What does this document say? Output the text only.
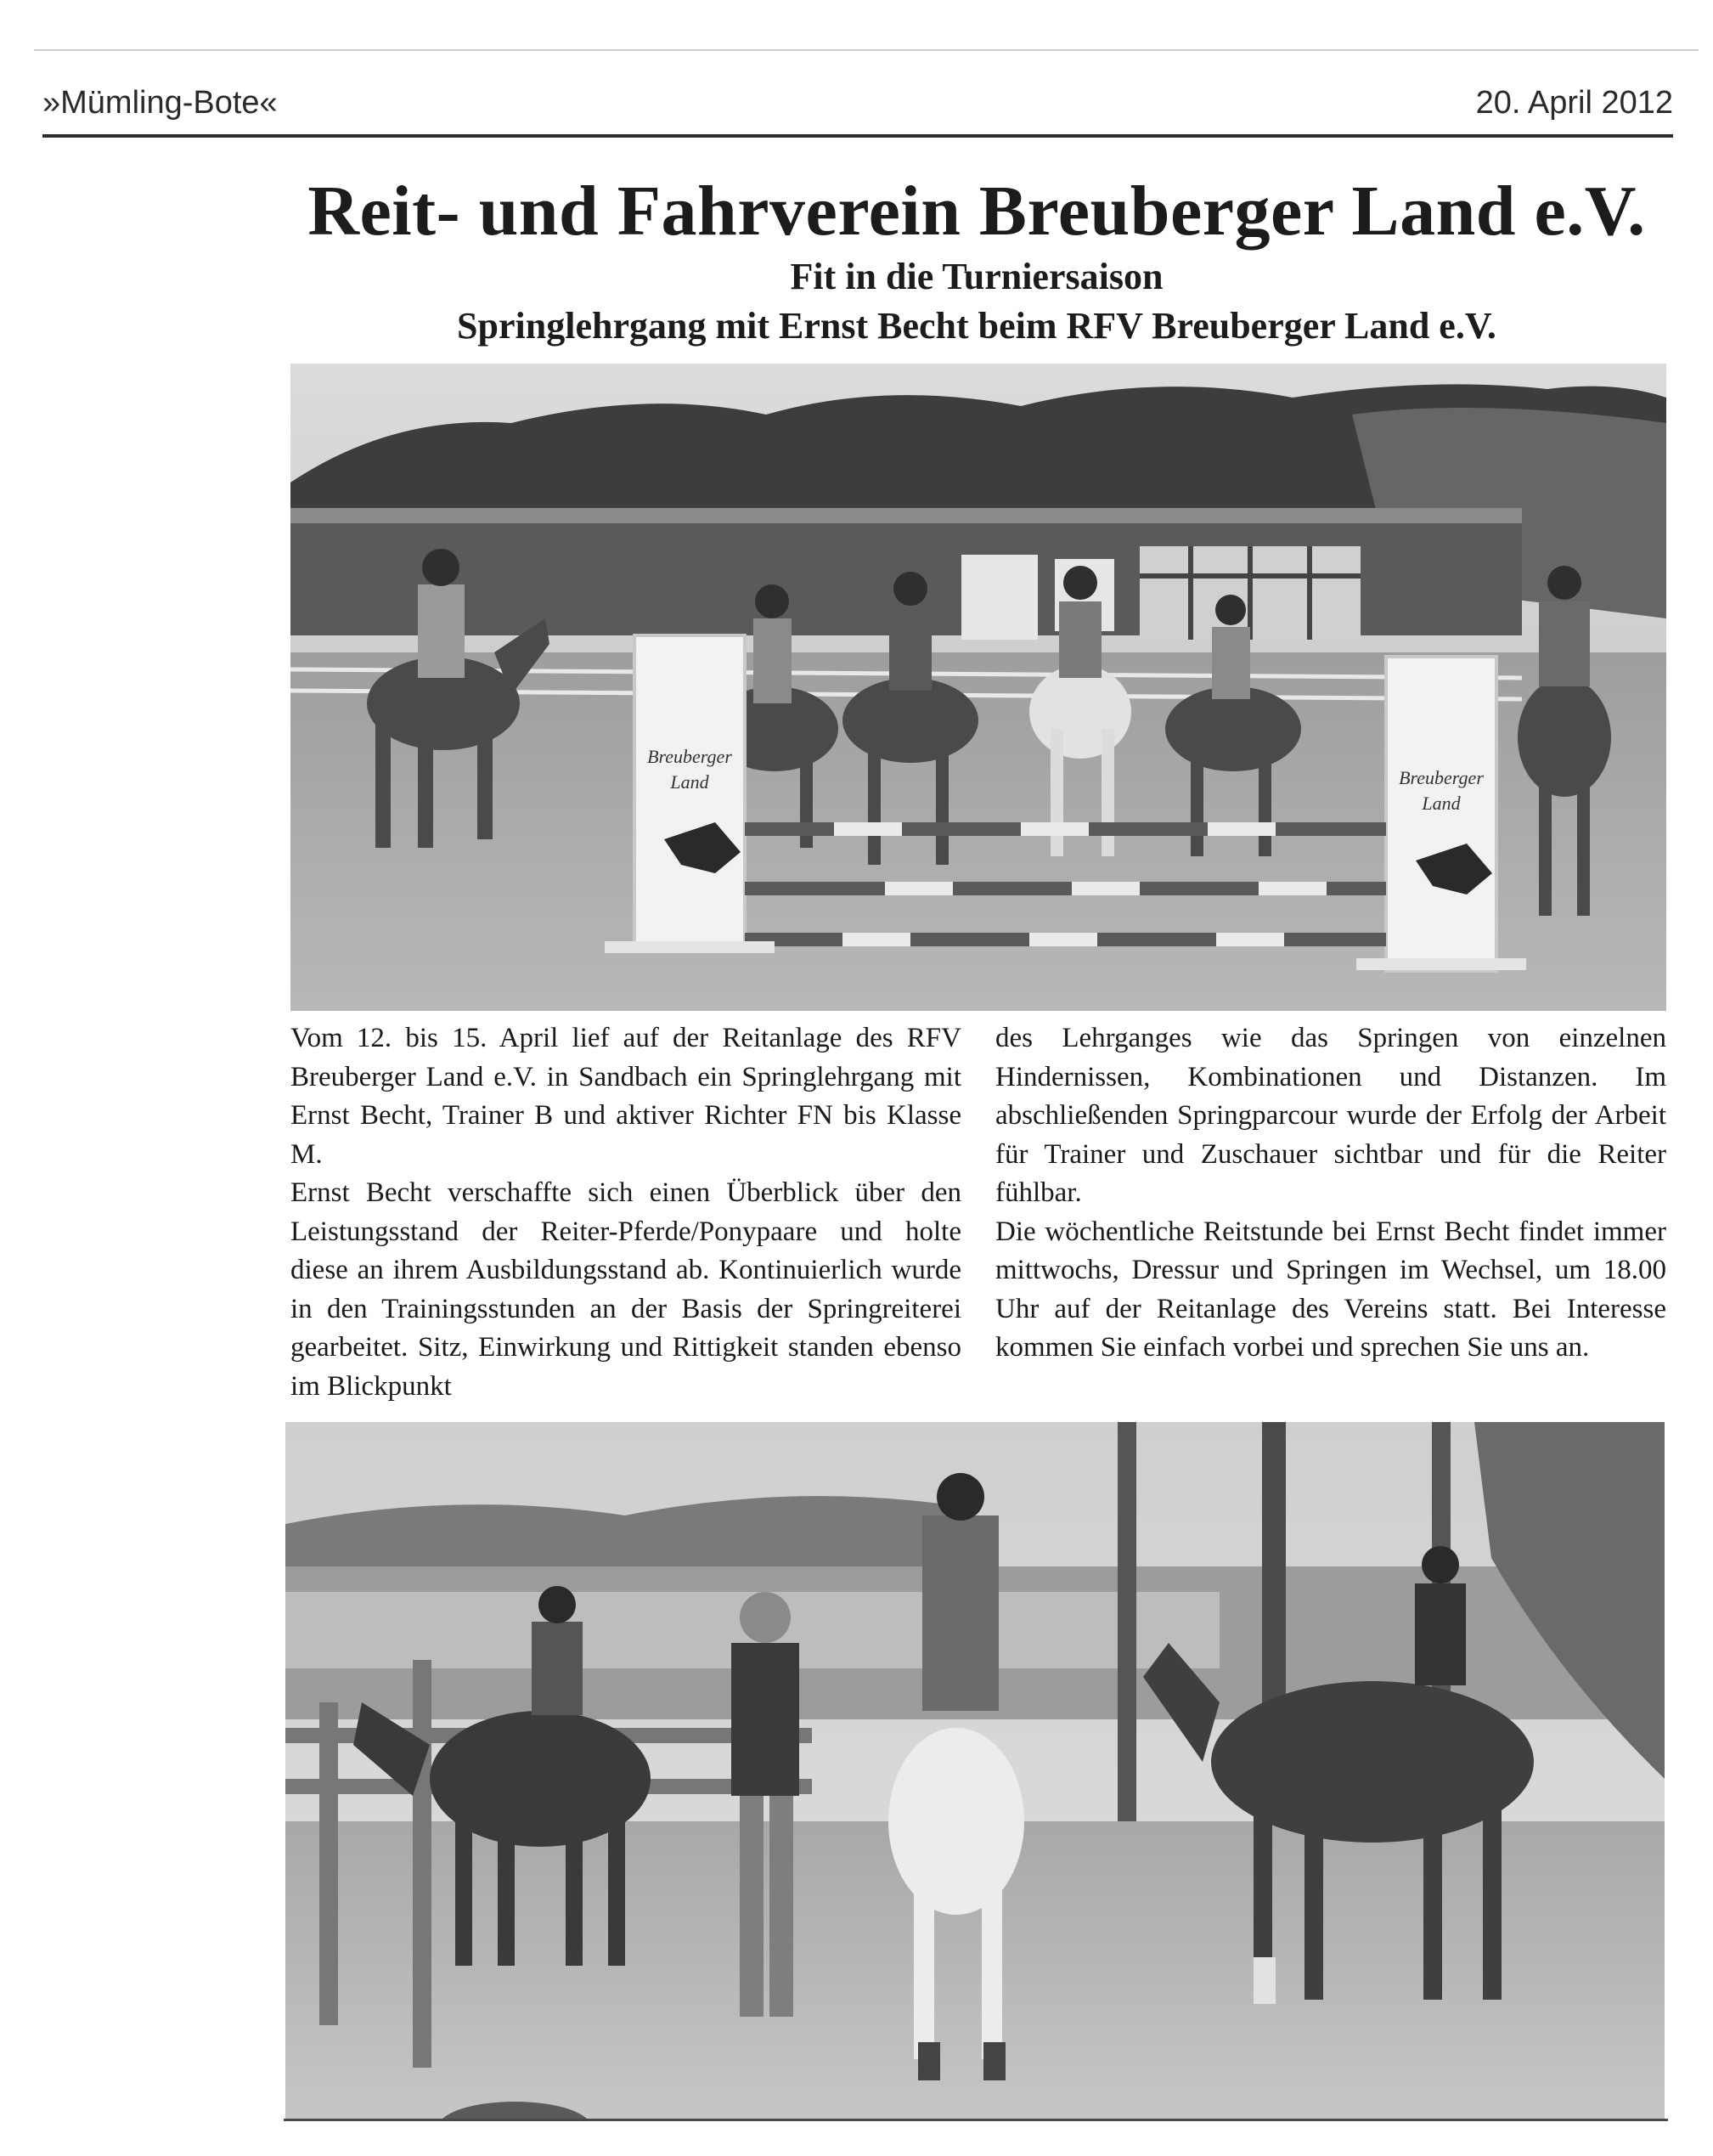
»Mümling-Bote«	20. April 2012
Reit- und Fahrverein Breuberger Land e.V.
Fit in die Turniersaison
Springlehrgang mit Ernst Becht beim RFV Breuberger Land e.V.
Breuberger
Land	Breuberger
Land

Vom 12. bis 15. April lief auf der Reitanlage des RFV Breuberger Land e.V. in Sandbach ein Springlehrgang mit Ernst Becht, Trainer B und aktiver Richter FN bis Klasse M.

Ernst Becht verschaffte sich einen Überblick über den Leistungsstand der Reiter-Pferde/Ponypaare und holte diese an ihrem Ausbildungsstand ab. Kontinuierlich wurde in den Trainingsstunden an der Basis der Springreiterei gearbeitet. Sitz, Einwirkung und Rittigkeit standen ebenso im Blickpunkt

des Lehrganges wie das Springen von einzelnen Hindernissen, Kombinationen und Distanzen. Im abschließenden Springparcour wurde der Erfolg der Arbeit für Trainer und Zuschauer sichtbar und für die Reiter fühlbar.

Die wöchentliche Reitstunde bei Ernst Becht findet immer mittwochs, Dressur und Springen im Wechsel, um 18.00 Uhr auf der Reitanlage des Vereins statt. Bei Interesse kommen Sie einfach vorbei und sprechen Sie uns an.
